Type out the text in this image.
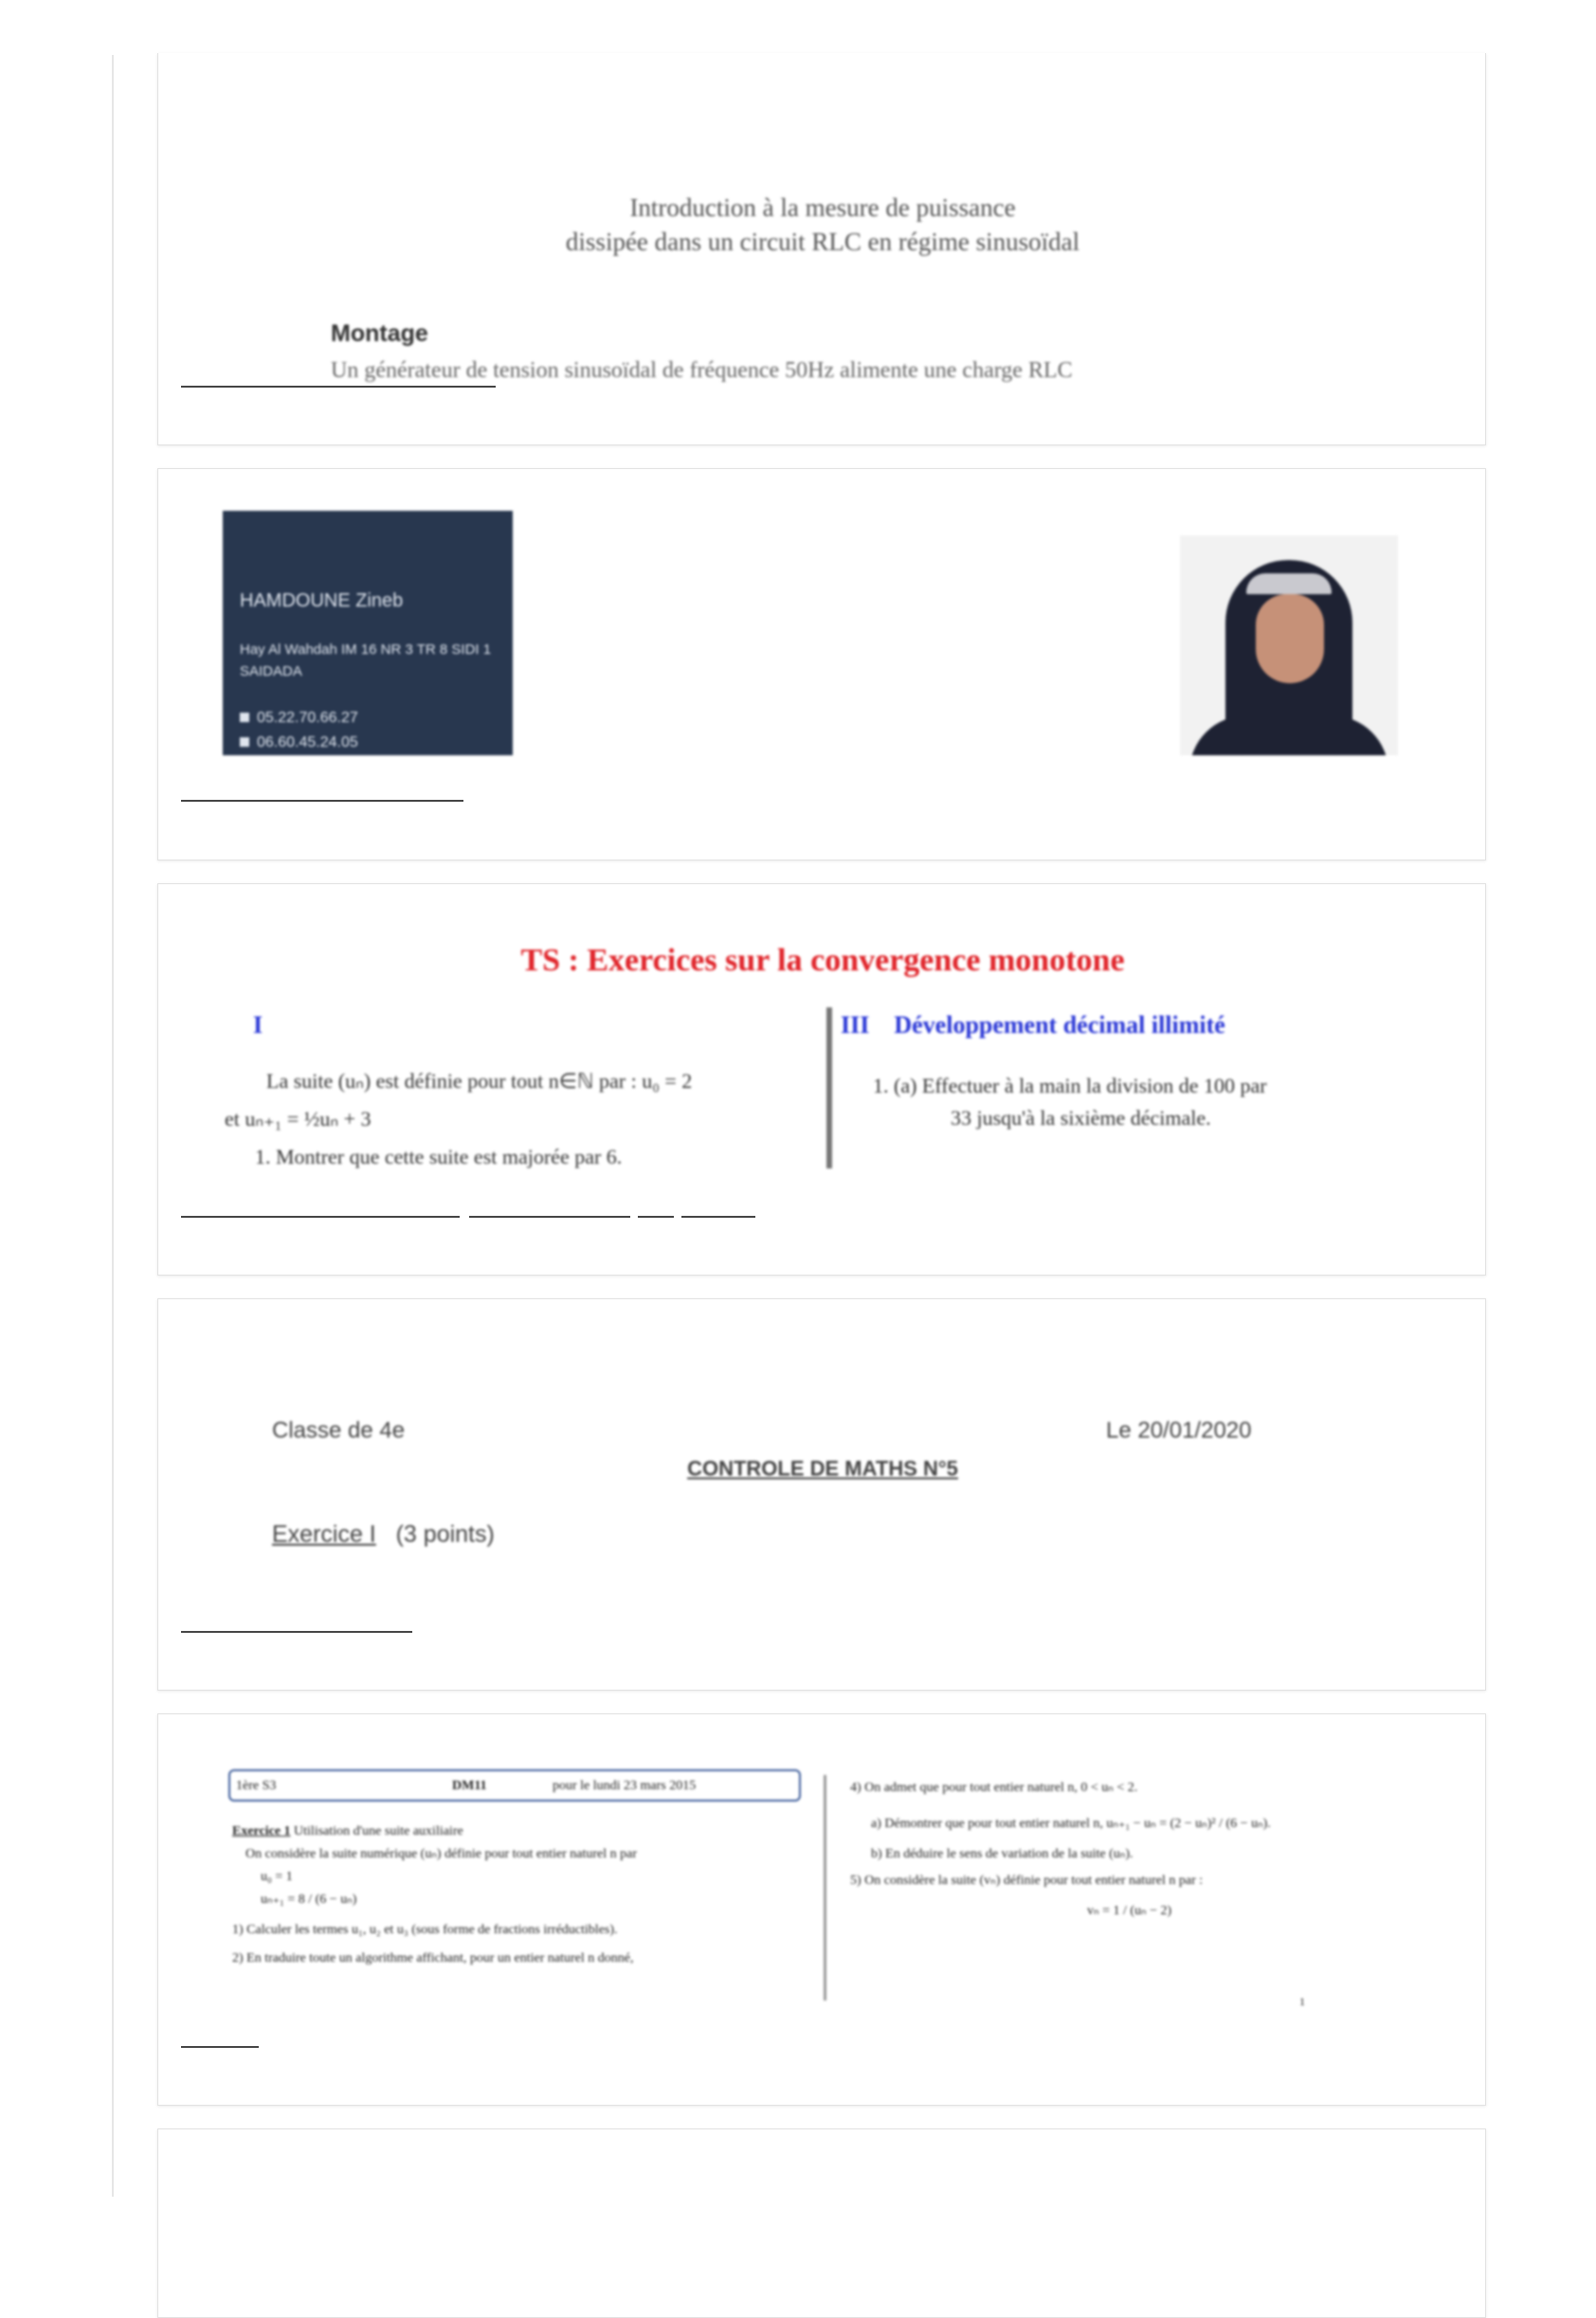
Introduction à la mesure de puissance
dissipée dans un circuit RLC en régime sinusoïdal
Montage
Un générateur de tension sinusoïdal de fréquence 50Hz alimente une charge RLC
HAMDOUNE Zineb
Hay Al Wahdah IM 16 NR 3 TR 8 SIDI 1 SAIDADA
05.22.70.66.27
06.60.45.24.05
TS : Exercices sur la convergence monotone
I
La suite (uₙ) est définie pour tout n∈ℕ par : u₀ = 2
et uₙ₊₁ = ½uₙ + 3
1. Montrer que cette suite est majorée par 6.
III Développement décimal illimité
1. (a) Effectuer à la main la division de 100 par
33 jusqu'à la sixième décimale.
Classe de 4e	Le 20/01/2020
CONTROLE DE MATHS N°5
Exercice I (3 points)
1ère S3	DM11	pour le lundi 23 mars 2015
Exercice 1 Utilisation d'une suite auxiliaire
On considère la suite numérique (uₙ) définie pour tout entier naturel n par
u₀ = 1
uₙ₊₁ = 8 / (6 − uₙ)
1) Calculer les termes u₁, u₂ et u₃ (sous forme de fractions irréductibles).
2) En traduire toute un algorithme affichant, pour un entier naturel n donné,
4) On admet que pour tout entier naturel n, 0 < uₙ < 2.
a) Démontrer que pour tout entier naturel n, uₙ₊₁ − uₙ = (2 − uₙ)² / (6 − uₙ).
b) En déduire le sens de variation de la suite (uₙ).
5) On considère la suite (vₙ) définie pour tout entier naturel n par :
vₙ = 1 / (uₙ − 2)
1
